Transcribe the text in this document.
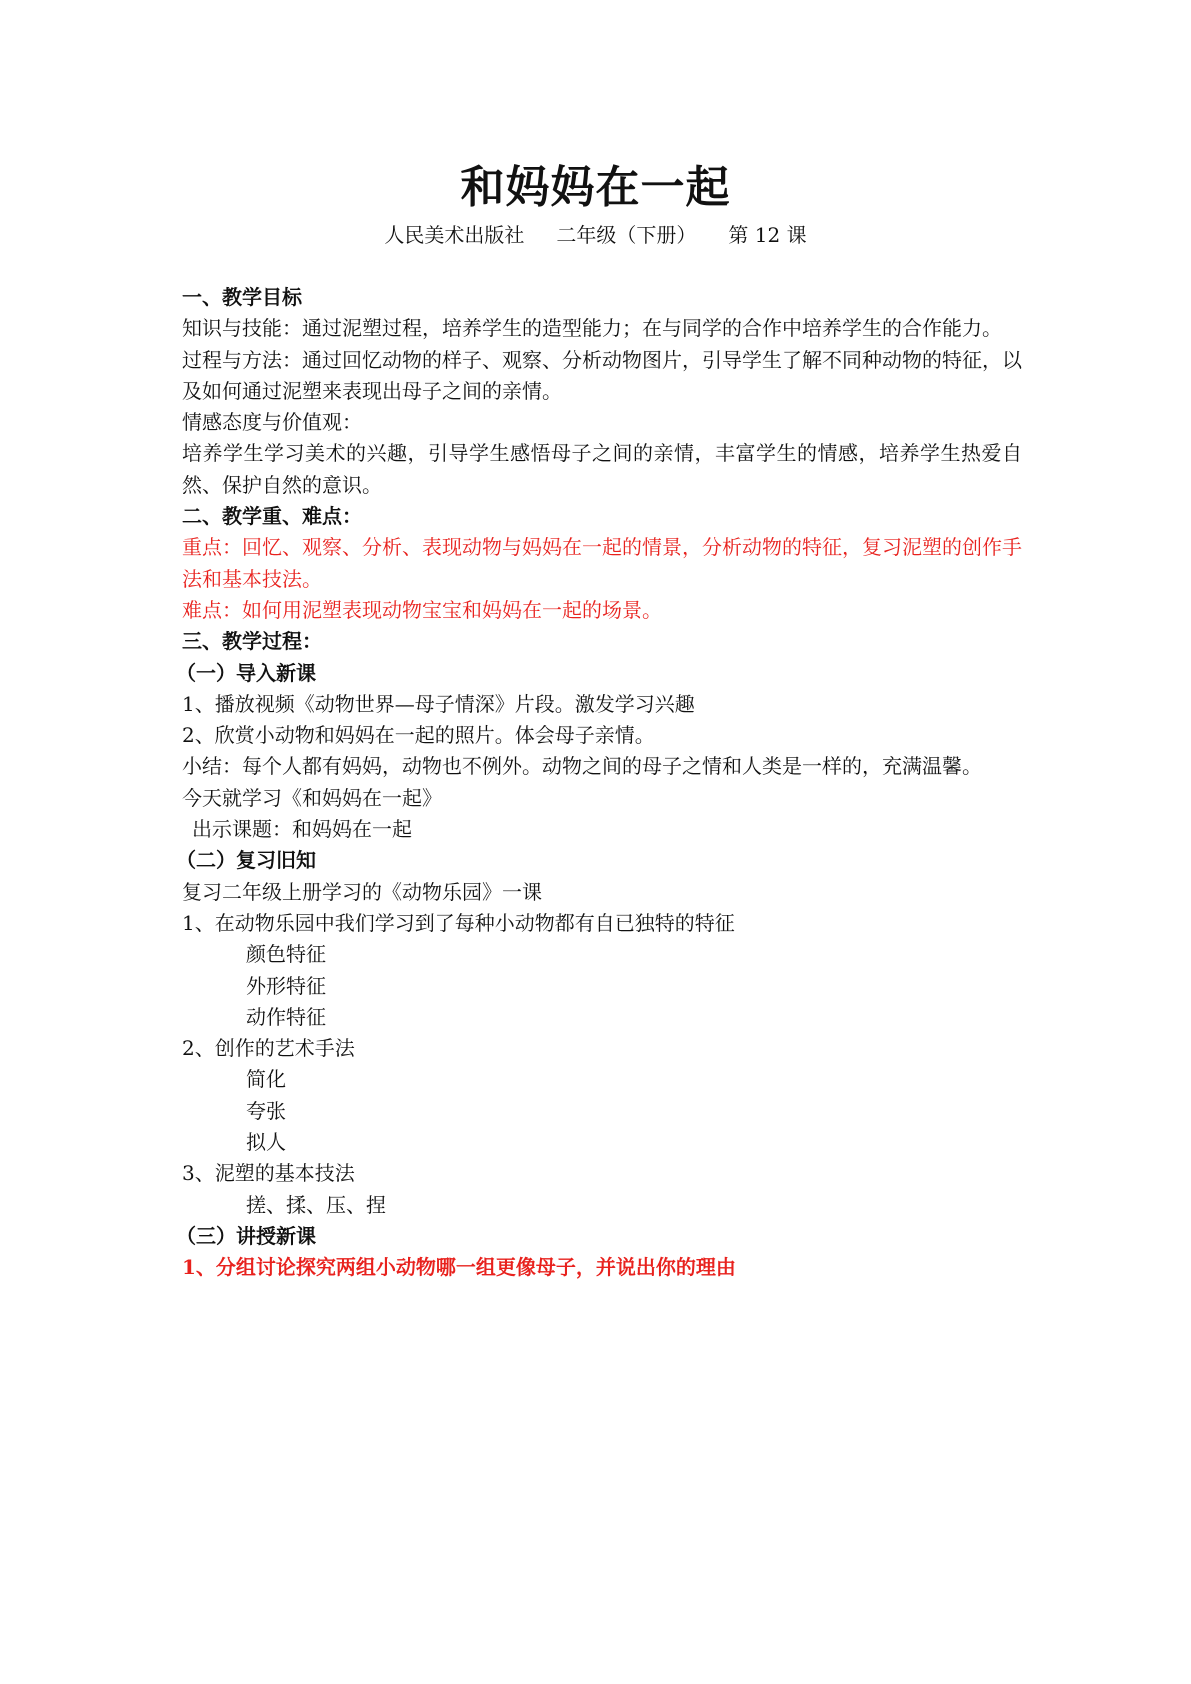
和妈妈在一起
人民美术出版社 二年级（下册） 第 12 课

一、教学目标

知识与技能：通过泥塑过程，培养学生的造型能力；在与同学的合作中培养学生的合作能力。

过程与方法：通过回忆动物的样子、观察、分析动物图片，引导学生了解不同种动物的特征，以及如何通过泥塑来表现出母子之间的亲情。

情感态度与价值观：

培养学生学习美术的兴趣，引导学生感悟母子之间的亲情，丰富学生的情感，培养学生热爱自然、保护自然的意识。

二、教学重、难点：

重点：回忆、观察、分析、表现动物与妈妈在一起的情景，分析动物的特征，复习泥塑的创作手法和基本技法。

难点：如何用泥塑表现动物宝宝和妈妈在一起的场景。

三、教学过程：

（一）导入新课

1、播放视频《动物世界—母子情深》片段。激发学习兴趣

2、欣赏小动物和妈妈在一起的照片。体会母子亲情。

小结：每个人都有妈妈，动物也不例外。动物之间的母子之情和人类是一样的，充满温馨。

今天就学习《和妈妈在一起》

出示课题：和妈妈在一起

（二）复习旧知

复习二年级上册学习的《动物乐园》一课

1、在动物乐园中我们学习到了每种小动物都有自已独特的特征

颜色特征

外形特征

动作特征

2、创作的艺术手法

简化

夸张

拟人

3、泥塑的基本技法

搓、揉、压、捏

（三）讲授新课

1、分组讨论探究两组小动物哪一组更像母子，并说出你的理由
